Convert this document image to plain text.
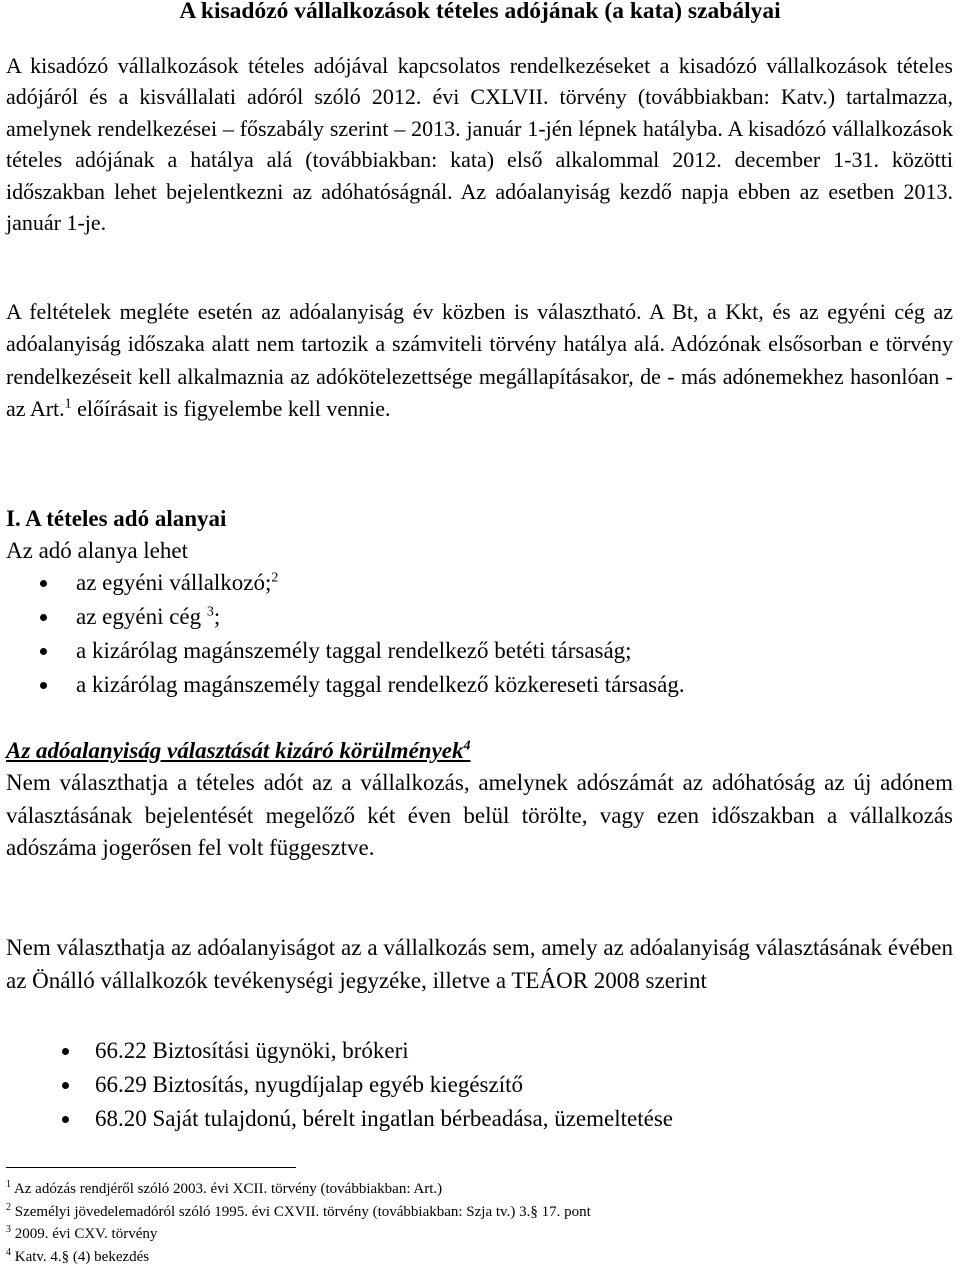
A kisadózó vállalkozások tételes adójának (a kata) szabályai

A kisadózó vállalkozások tételes adójával kapcsolatos rendelkezéseket a kisadózó vállalkozások tételes adójáról és a kisvállalati adóról szóló 2012. évi CXLVII. törvény (továbbiakban: Katv.) tartalmazza, amelynek rendelkezései – főszabály szerint – 2013. január 1-jén lépnek hatályba. A kisadózó vállalkozások tételes adójának a hatálya alá (továbbiakban: kata) első alkalommal 2012. december 1-31. közötti időszakban lehet bejelentkezni az adóhatóságnál. Az adóalanyiság kezdő napja ebben az esetben 2013. január 1-je.

A feltételek megléte esetén az adóalanyiság év közben is választható. A Bt, a Kkt, és az egyéni cég az adóalanyiság időszaka alatt nem tartozik a számviteli törvény hatálya alá. Adózónak elsősorban e törvény rendelkezéseit kell alkalmaznia az adókötelezettsége megállapításakor, de - más adónemekhez hasonlóan - az Art.$^1$ előírásait is figyelembe kell vennie.

I. A tételes adó alanyai

Az adó alanya lehet

az egyéni vállalkozó;$^2$
az egyéni cég $^3$;
a kizárólag magánszemély taggal rendelkező betéti társaság;
a kizárólag magánszemély taggal rendelkező közkereseti társaság.
Az adóalanyiság választását kizáró körülmények$^4$

Nem választhatja a tételes adót az a vállalkozás, amelynek adószámát az adóhatóság az új adónem választásának bejelentését megelőző két éven belül törölte, vagy ezen időszakban a vállalkozás adószáma jogerősen fel volt függesztve.

Nem választhatja az adóalanyiságot az a vállalkozás sem, amely az adóalanyiság választásának évében az Önálló vállalkozók tevékenységi jegyzéke, illetve a TEÁOR 2008 szerint

66.22 Biztosítási ügynöki, brókeri
66.29 Biztosítás, nyugdíjalap egyéb kiegészítő
68.20 Saját tulajdonú, bérelt ingatlan bérbeadása, üzemeltetése
$^1$ Az adózás rendjéről szóló 2003. évi XCII. törvény (továbbiakban: Art.)
$^2$ Személyi jövedelemadóról szóló 1995. évi CXVII. törvény (továbbiakban: Szja tv.) 3.§ 17. pont
$^3$ 2009. évi CXV. törvény
$^4$ Katv. 4.§ (4) bekezdés
